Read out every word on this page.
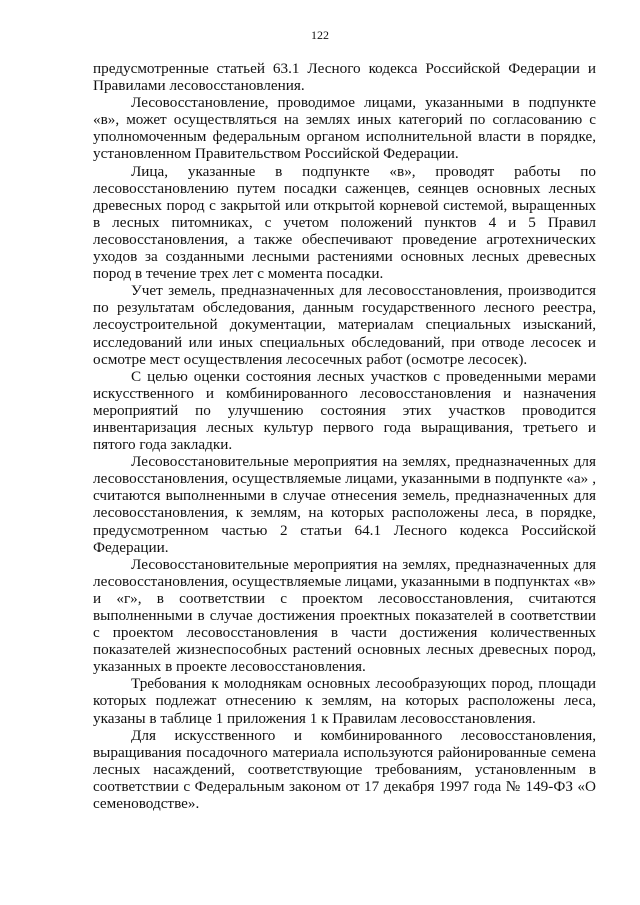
122

предусмотренные статьей 63.1 Лесного кодекса Российской Федерации и Правилами лесовосстановления.

Лесовосстановление, проводимое лицами, указанными в подпункте «в», может осуществляться на землях иных категорий по согласованию с уполномоченным федеральным органом исполнительной власти в порядке, установленном Правительством Российской Федерации.

Лица, указанные в подпункте «в», проводят работы по лесовосстановлению путем посадки саженцев, сеянцев основных лесных древесных пород с закрытой или открытой корневой системой, выращенных в лесных питомниках, с учетом положений пунктов 4 и 5 Правил лесовосстановления, а также обеспечивают проведение агротехнических уходов за созданными лесными растениями основных лесных древесных пород в течение трех лет с момента посадки.

Учет земель, предназначенных для лесовосстановления, производится по результатам обследования, данным государственного лесного реестра, лесоустроительной документации, материалам специальных изысканий, исследований или иных специальных обследований, при отводе лесосек и осмотре мест осуществления лесосечных работ (осмотре лесосек).

С целью оценки состояния лесных участков с проведенными мерами искусственного и комбинированного лесовосстановления и назначения мероприятий по улучшению состояния этих участков проводится инвентаризация лесных культур первого года выращивания, третьего и пятого года закладки.

Лесовосстановительные мероприятия на землях, предназначенных для лесовосстановления, осуществляемые лицами, указанными в подпункте «а» , считаются выполненными в случае отнесения земель, предназначенных для лесовосстановления, к землям, на которых расположены леса, в порядке, предусмотренном частью 2 статьи 64.1 Лесного кодекса Российской Федерации.

Лесовосстановительные мероприятия на землях, предназначенных для лесовосстановления, осуществляемые лицами, указанными в подпунктах «в» и «г», в соответствии с проектом лесовосстановления, считаются выполненными в случае достижения проектных показателей в соответствии с проектом лесовосстановления в части достижения количественных показателей жизнеспособных растений основных лесных древесных пород, указанных в проекте лесовосстановления.

Требования к молоднякам основных лесообразующих пород, площади которых подлежат отнесению к землям, на которых расположены леса, указаны в таблице 1 приложения 1 к Правилам лесовосстановления.

Для искусственного и комбинированного лесовосстановления, выращивания посадочного материала используются районированные семена лесных насаждений, соответствующие требованиям, установленным в соответствии с Федеральным законом от 17 декабря 1997 года № 149-ФЗ «О семеноводстве».
